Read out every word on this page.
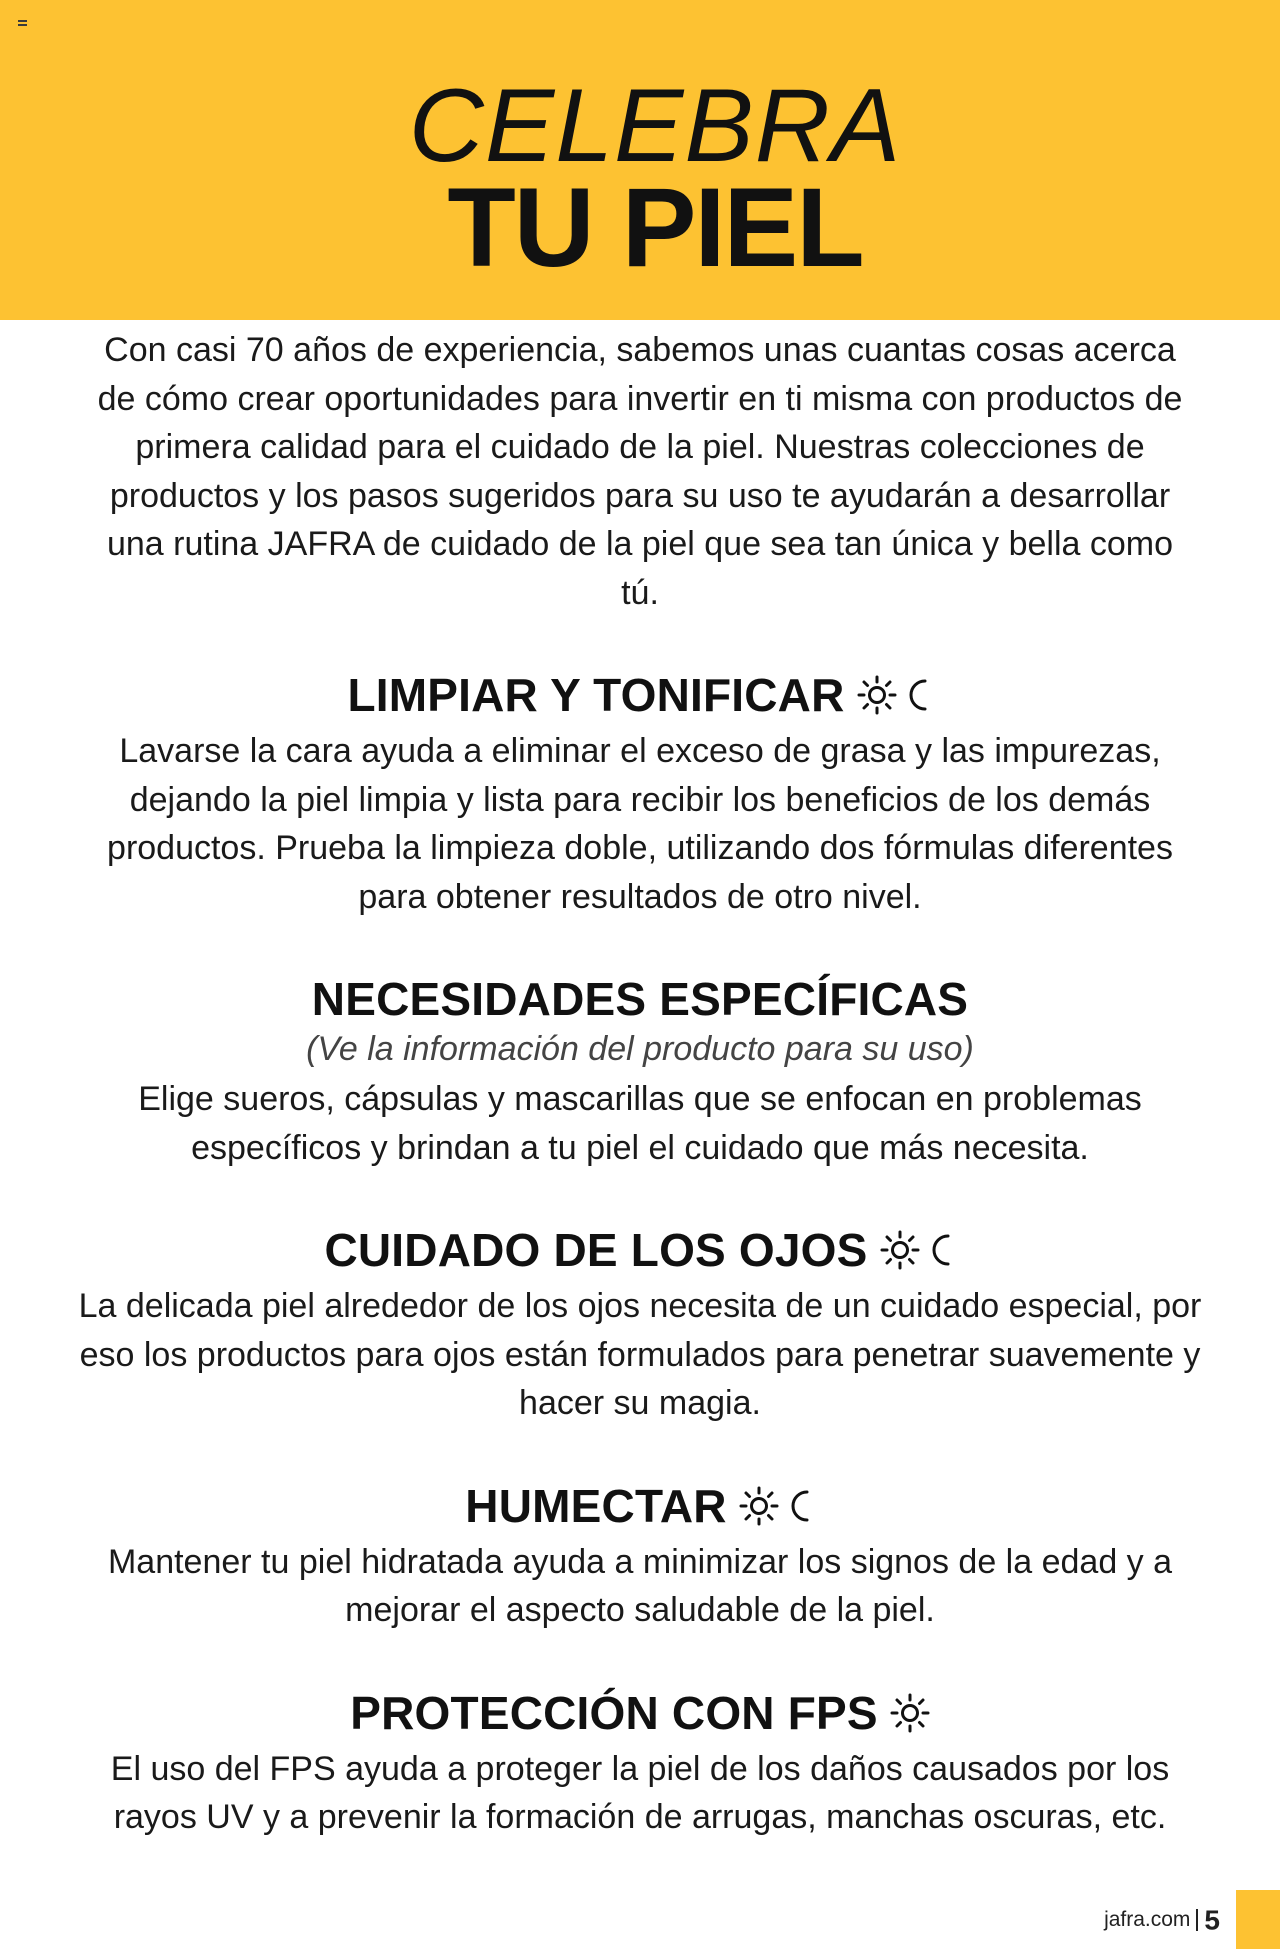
CELEBRA
TU PIEL
Con casi 70 años de experiencia, sabemos unas cuantas cosas acerca de cómo crear oportunidades para invertir en ti misma con productos de primera calidad para el cuidado de la piel. Nuestras colecciones de productos y los pasos sugeridos para su uso te ayudarán a desarrollar una rutina JAFRA de cuidado de la piel que sea tan única y bella como tú.
LIMPIAR Y TONIFICAR
Lavarse la cara ayuda a eliminar el exceso de grasa y las impurezas, dejando la piel limpia y lista para recibir los beneficios de los demás productos. Prueba la limpieza doble, utilizando dos fórmulas diferentes para obtener resultados de otro nivel.
NECESIDADES ESPECÍFICAS
(Ve la información del producto para su uso)
Elige sueros, cápsulas y mascarillas que se enfocan en problemas específicos y brindan a tu piel el cuidado que más necesita.
CUIDADO DE LOS OJOS
La delicada piel alrededor de los ojos necesita de un cuidado especial, por eso los productos para ojos están formulados para penetrar suavemente y hacer su magia.
HUMECTAR
Mantener tu piel hidratada ayuda a minimizar los signos de la edad y a mejorar el aspecto saludable de la piel.
PROTECCIÓN CON FPS
El uso del FPS ayuda a proteger la piel de los daños causados por los rayos UV y a prevenir la formación de arrugas, manchas oscuras, etc.
jafra.com 5
